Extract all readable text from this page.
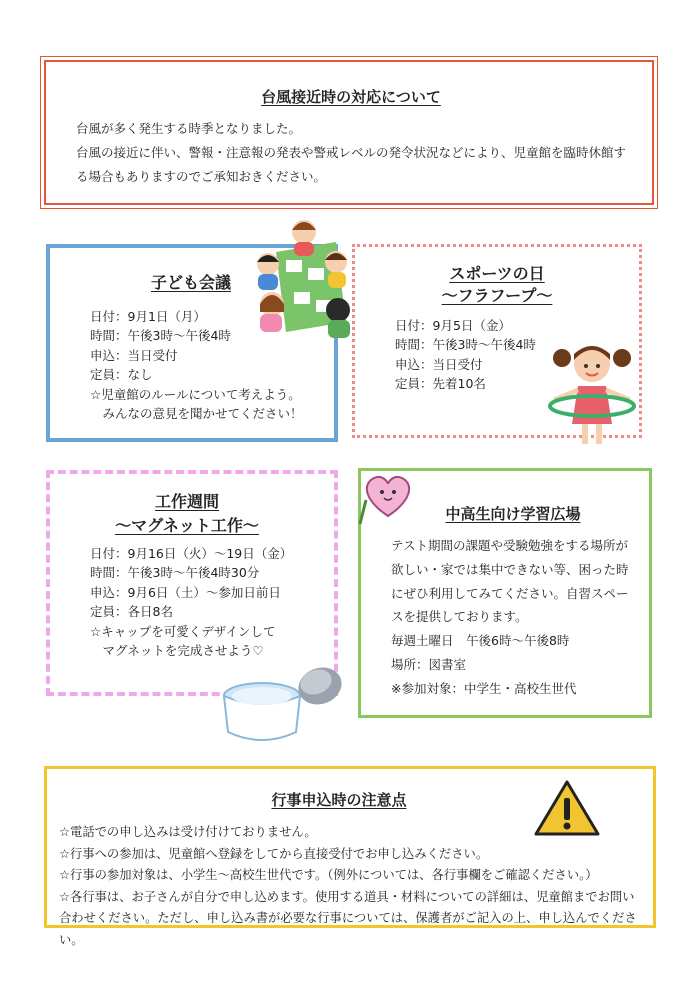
台風接近時の対応について
台風が多く発生する時季となりました。
台風の接近に伴い、警報・注意報の発表や警戒レベルの発令状況などにより、児童館を臨時休館する場合もありますのでご承知おきください。
子ども会議
日付：9月1日（月）
時間：午後3時～午後4時
申込：当日受付
定員：なし
☆児童館のルールについて考えよう。
　みんなの意見を聞かせてください！
スポーツの日
～フラフープ～
日付：9月5日（金）
時間：午後3時～午後4時
申込：当日受付
定員：先着10名
工作週間
～マグネット工作～
日付：9月16日（火）～19日（金）
時間：午後3時～午後4時30分
申込：9月6日（土）～参加日前日
定員：各日8名
☆キャップを可愛くデザインして
　マグネットを完成させよう♡
中高生向け学習広場
テスト期間の課題や受験勉強をする場所が欲しい・家では集中できない等、困った時にぜひ利用してみてください。自習スペースを提供しております。
毎週土曜日　午後6時～午後8時
場所：図書室
※参加対象：中学生・高校生世代
行事申込時の注意点
☆電話での申し込みは受け付けておりません。
☆行事への参加は、児童館へ登録をしてから直接受付でお申し込みください。
☆行事の参加対象は、小学生～高校生世代です。（例外については、各行事欄をご確認ください。）
☆各行事は、お子さんが自分で申し込めます。使用する道具・材料についての詳細は、児童館までお問い合わせください。ただし、申し込み書が必要な行事については、保護者がご記入の上、申し込んでください。
